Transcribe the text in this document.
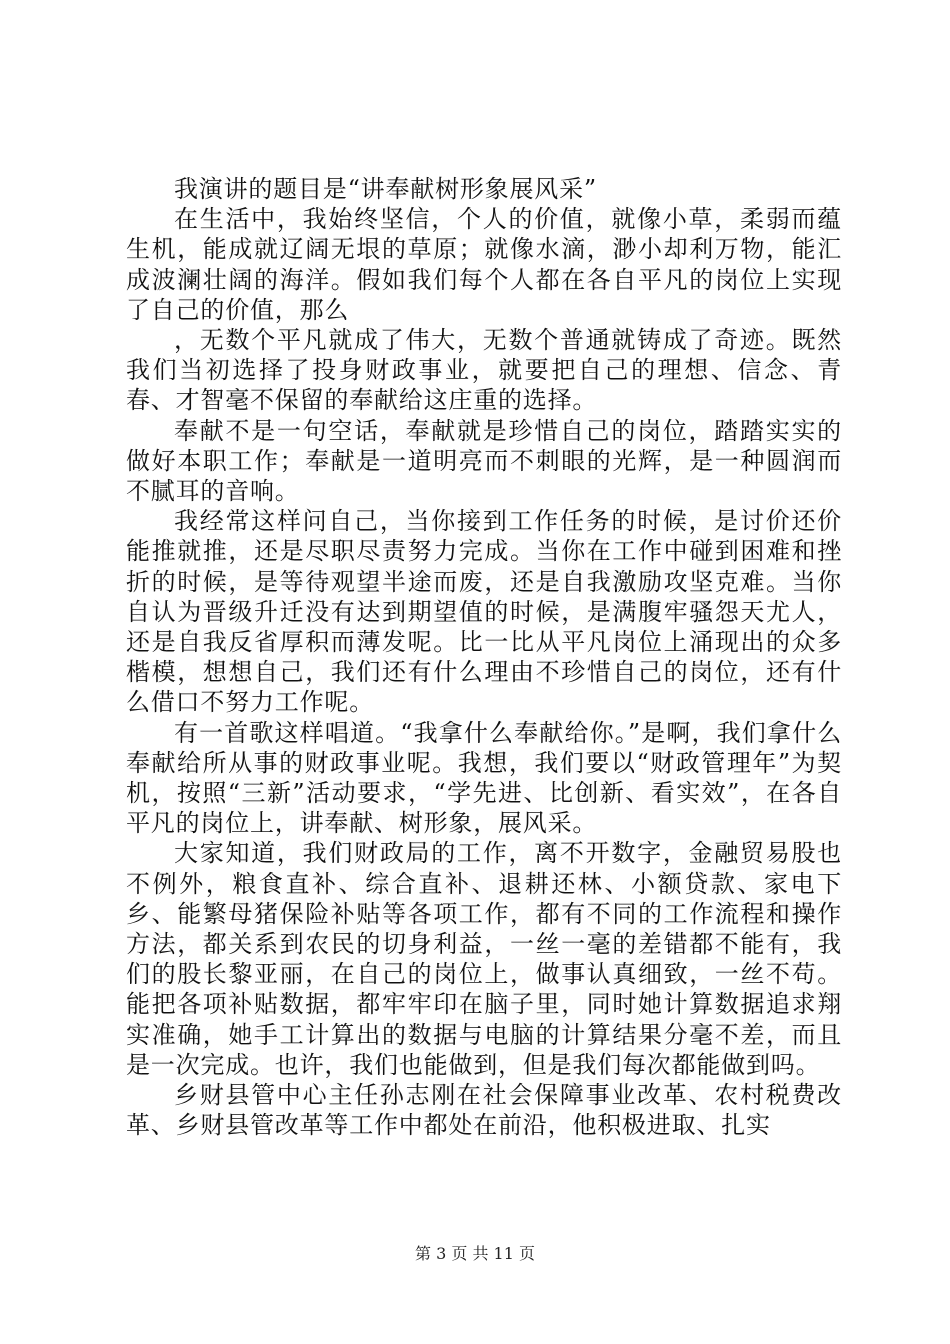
我演讲的题目是“讲奉献树形象展风采”

在生活中，我始终坚信，个人的价值，就像小草，柔弱而蕴生机，能成就辽阔无垠的草原；就像水滴，渺小却利万物，能汇成波澜壮阔的海洋。假如我们每个人都在各自平凡的岗位上实现了自己的价值，那么

，无数个平凡就成了伟大，无数个普通就铸成了奇迹。既然我们当初选择了投身财政事业，就要把自己的理想、信念、青春、才智毫不保留的奉献给这庄重的选择。

奉献不是一句空话，奉献就是珍惜自己的岗位，踏踏实实的做好本职工作；奉献是一道明亮而不刺眼的光辉，是一种圆润而不腻耳的音响。

我经常这样问自己，当你接到工作任务的时候，是讨价还价能推就推，还是尽职尽责努力完成。当你在工作中碰到困难和挫折的时候，是等待观望半途而废，还是自我激励攻坚克难。当你自认为晋级升迁没有达到期望值的时候，是满腹牢骚怨天尤人，还是自我反省厚积而薄发呢。比一比从平凡岗位上涌现出的众多楷模，想想自己，我们还有什么理由不珍惜自己的岗位，还有什么借口不努力工作呢。

有一首歌这样唱道。“我拿什么奉献给你。”是啊，我们拿什么奉献给所从事的财政事业呢。我想，我们要以“财政管理年”为契机，按照“三新”活动要求，“学先进、比创新、看实效”，在各自平凡的岗位上，讲奉献、树形象，展风采。

大家知道，我们财政局的工作，离不开数字，金融贸易股也不例外，粮食直补、综合直补、退耕还林、小额贷款、家电下乡、能繁母猪保险补贴等各项工作，都有不同的工作流程和操作方法，都关系到农民的切身利益，一丝一毫的差错都不能有，我们的股长黎亚丽，在自己的岗位上，做事认真细致，一丝不苟。能把各项补贴数据，都牢牢印在脑子里，同时她计算数据追求翔实准确，她手工计算出的数据与电脑的计算结果分毫不差，而且是一次完成。也许，我们也能做到，但是我们每次都能做到吗。

乡财县管中心主任孙志刚在社会保障事业改革、农村税费改革、乡财县管改革等工作中都处在前沿，他积极进取、扎实

第 3 页 共 11 页
